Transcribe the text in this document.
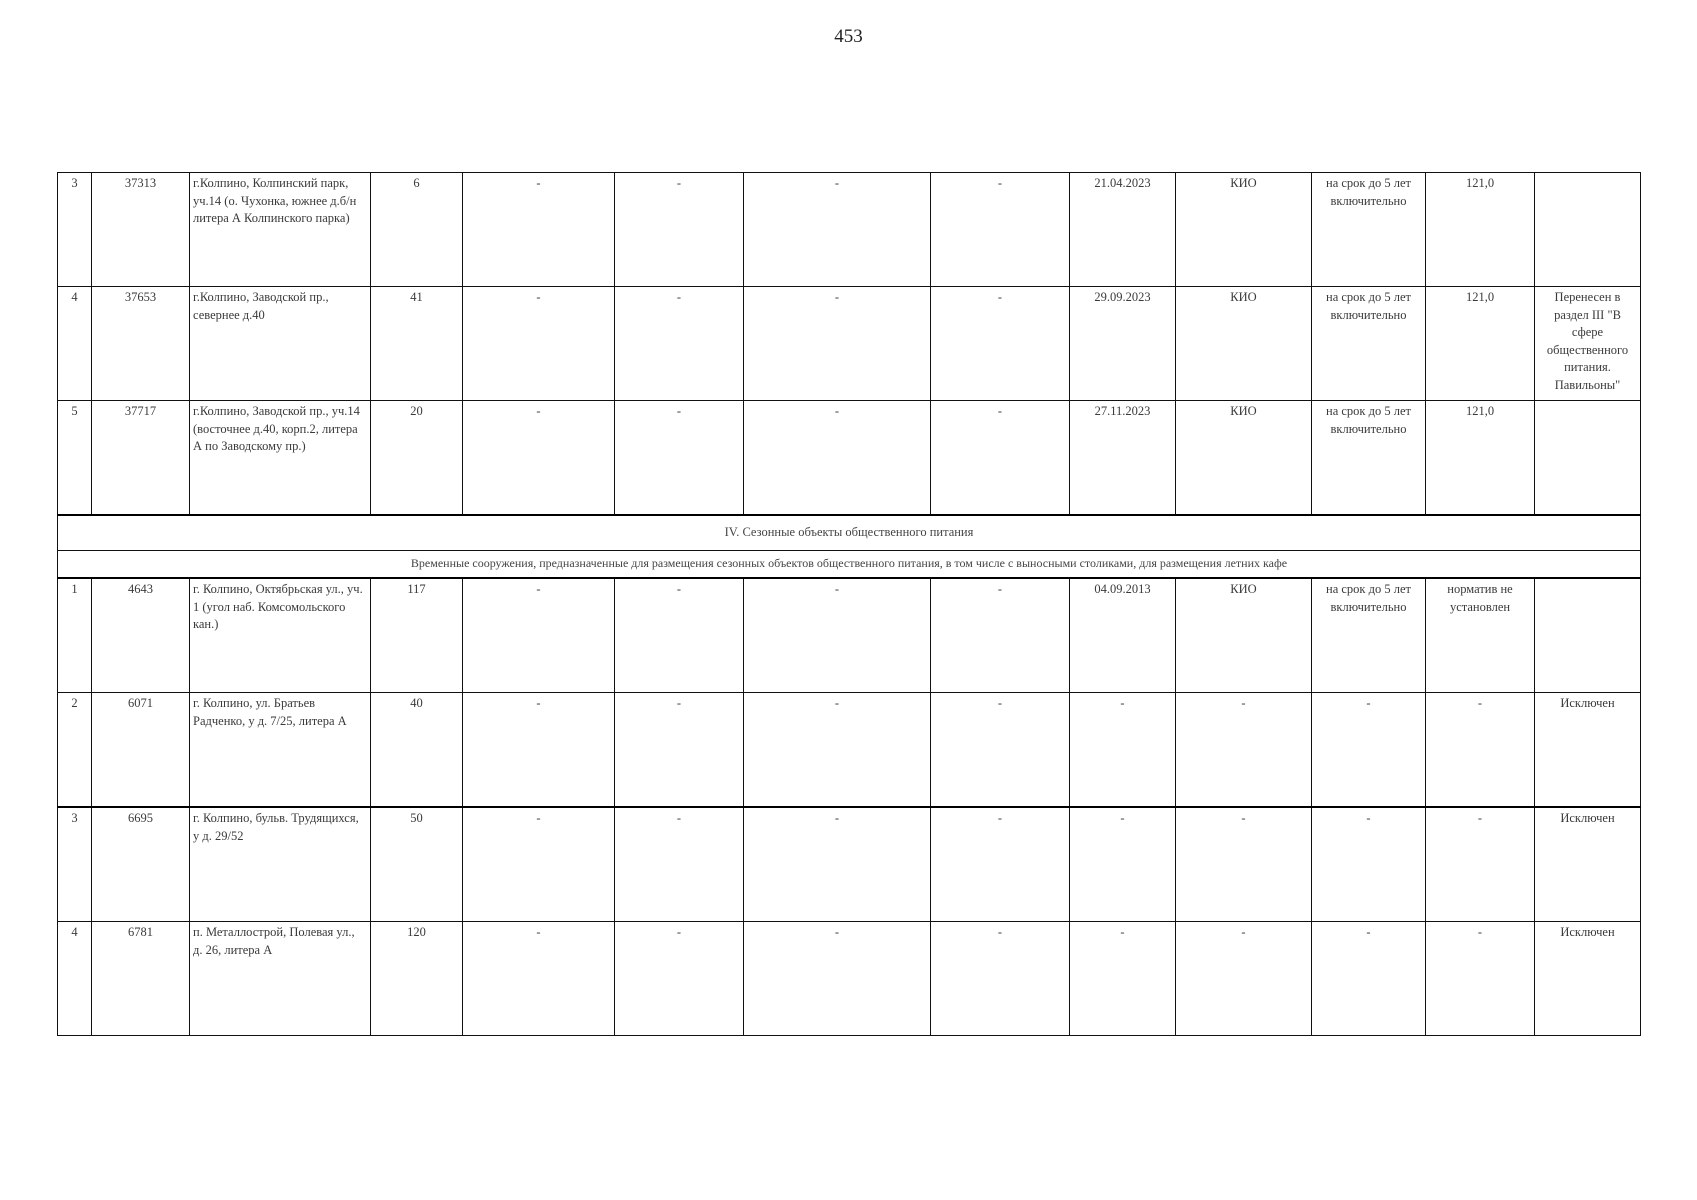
453
3	37313	г.Колпино, Колпинский парк, уч.14 (о. Чухонка, южнее д.б/н литера А Колпинского парка)	6	-	-	-	-	21.04.2023	КИО	на срок до 5 лет включительно	121,0	
4	37653	г.Колпино, Заводской пр., севернее д.40	41	-	-	-	-	29.09.2023	КИО	на срок до 5 лет включительно	121,0	Перенесен в раздел III "В сфере общественного питания. Павильоны"
5	37717	г.Колпино, Заводской пр., уч.14 (восточнее д.40, корп.2, литера А по Заводскому пр.)	20	-	-	-	-	27.11.2023	КИО	на срок до 5 лет включительно	121,0	
IV. Сезонные объекты общественного питания												
Временные сооружения, предназначенные для размещения сезонных объектов общественного питания, в том числе с выносными столиками, для размещения летних кафе												
1	4643	г. Колпино, Октябрьская ул., уч. 1 (угол наб. Комсомольского кан.)	117	-	-	-	-	04.09.2013	КИО	на срок до 5 лет включительно	норматив не установлен	
2	6071	г. Колпино, ул. Братьев Радченко, у д. 7/25, литера А	40	-	-	-	-	-	-	-	-	Исключен
3	6695	г. Колпино, бульв. Трудящихся, у д. 29/52	50	-	-	-	-	-	-	-	-	Исключен
4	6781	п. Металлострой, Полевая ул., д. 26, литера А	120	-	-	-	-	-	-	-	-	Исключен
